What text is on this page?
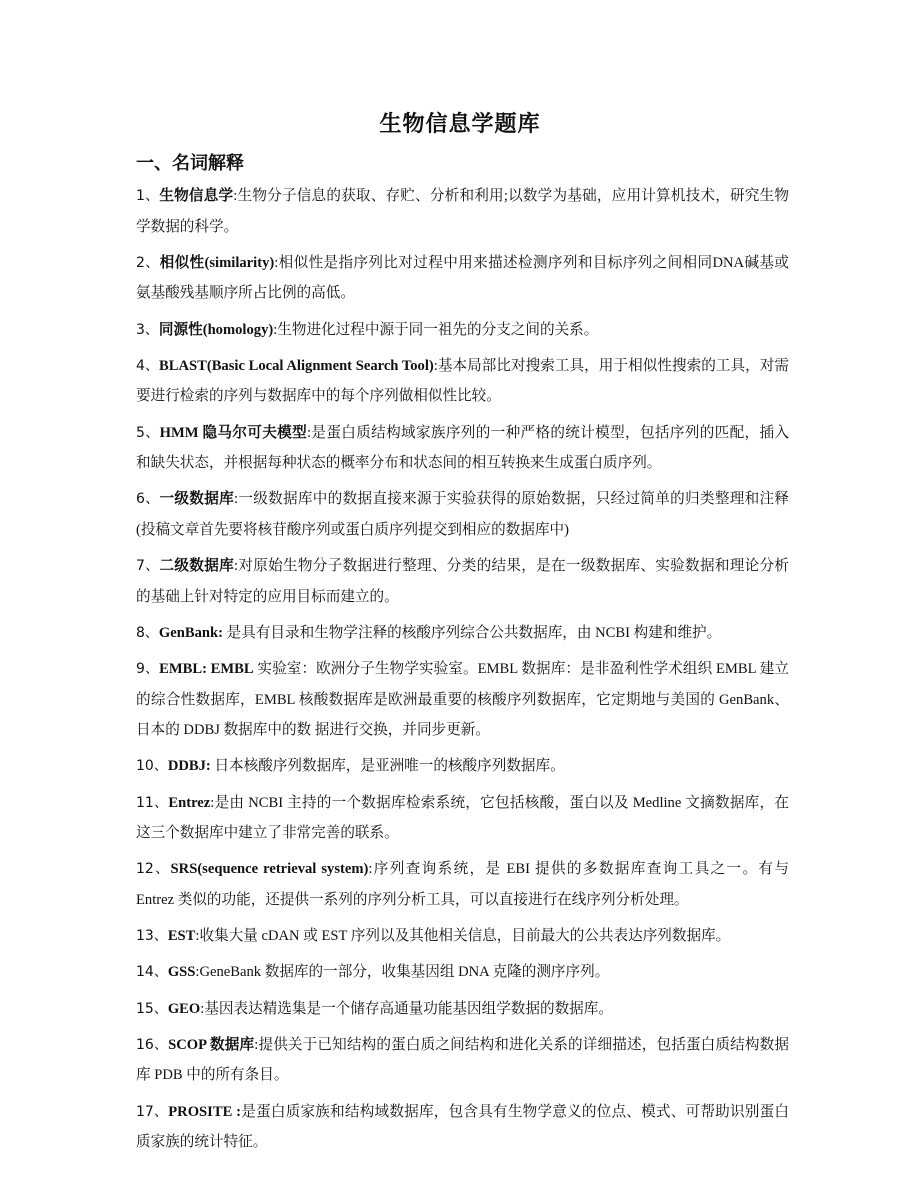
生物信息学题库
一、名词解释
1、生物信息学:生物分子信息的获取、存贮、分析和利用;以数学为基础，应用计算机技术，研究生物学数据的科学。
2、相似性(similarity):相似性是指序列比对过程中用来描述检测序列和目标序列之间相同DNA碱基或氨基酸残基顺序所占比例的高低。
3、同源性(homology):生物进化过程中源于同一祖先的分支之间的关系。
4、BLAST(Basic Local Alignment Search Tool):基本局部比对搜索工具，用于相似性搜索的工具，对需要进行检索的序列与数据库中的每个序列做相似性比较。
5、HMM 隐马尔可夫模型:是蛋白质结构域家族序列的一种严格的统计模型，包括序列的匹配，插入和缺失状态，并根据每种状态的概率分布和状态间的相互转换来生成蛋白质序列。
6、一级数据库:一级数据库中的数据直接来源于实验获得的原始数据，只经过简单的归类整理和注释(投稿文章首先要将核苷酸序列或蛋白质序列提交到相应的数据库中)
7、二级数据库:对原始生物分子数据进行整理、分类的结果，是在一级数据库、实验数据和理论分析的基础上针对特定的应用目标而建立的。
8、GenBank: 是具有目录和生物学注释的核酸序列综合公共数据库，由 NCBI 构建和维护。
9、EMBL: EMBL 实验室：欧洲分子生物学实验室。EMBL 数据库：是非盈利性学术组织 EMBL 建立的综合性数据库，EMBL 核酸数据库是欧洲最重要的核酸序列数据库，它定期地与美国的 GenBank、日本的 DDBJ 数据库中的数 据进行交换，并同步更新。
10、DDBJ: 日本核酸序列数据库，是亚洲唯一的核酸序列数据库。
11、Entrez:是由 NCBI 主持的一个数据库检索系统，它包括核酸，蛋白以及 Medline 文摘数据库，在这三个数据库中建立了非常完善的联系。
12、SRS(sequence retrieval system):序列查询系统，是 EBI 提供的多数据库查询工具之一。有与 Entrez 类似的功能，还提供一系列的序列分析工具，可以直接进行在线序列分析处理。
13、EST:收集大量 cDAN 或 EST 序列以及其他相关信息，目前最大的公共表达序列数据库。
14、GSS:GeneBank 数据库的一部分，收集基因组 DNA 克隆的测序序列。
15、GEO:基因表达精选集是一个储存高通量功能基因组学数据的数据库。
16、SCOP 数据库:提供关于已知结构的蛋白质之间结构和进化关系的详细描述，包括蛋白质结构数据库 PDB 中的所有条目。
17、PROSITE :是蛋白质家族和结构域数据库，包含具有生物学意义的位点、模式、可帮助识别蛋白质家族的统计特征。
